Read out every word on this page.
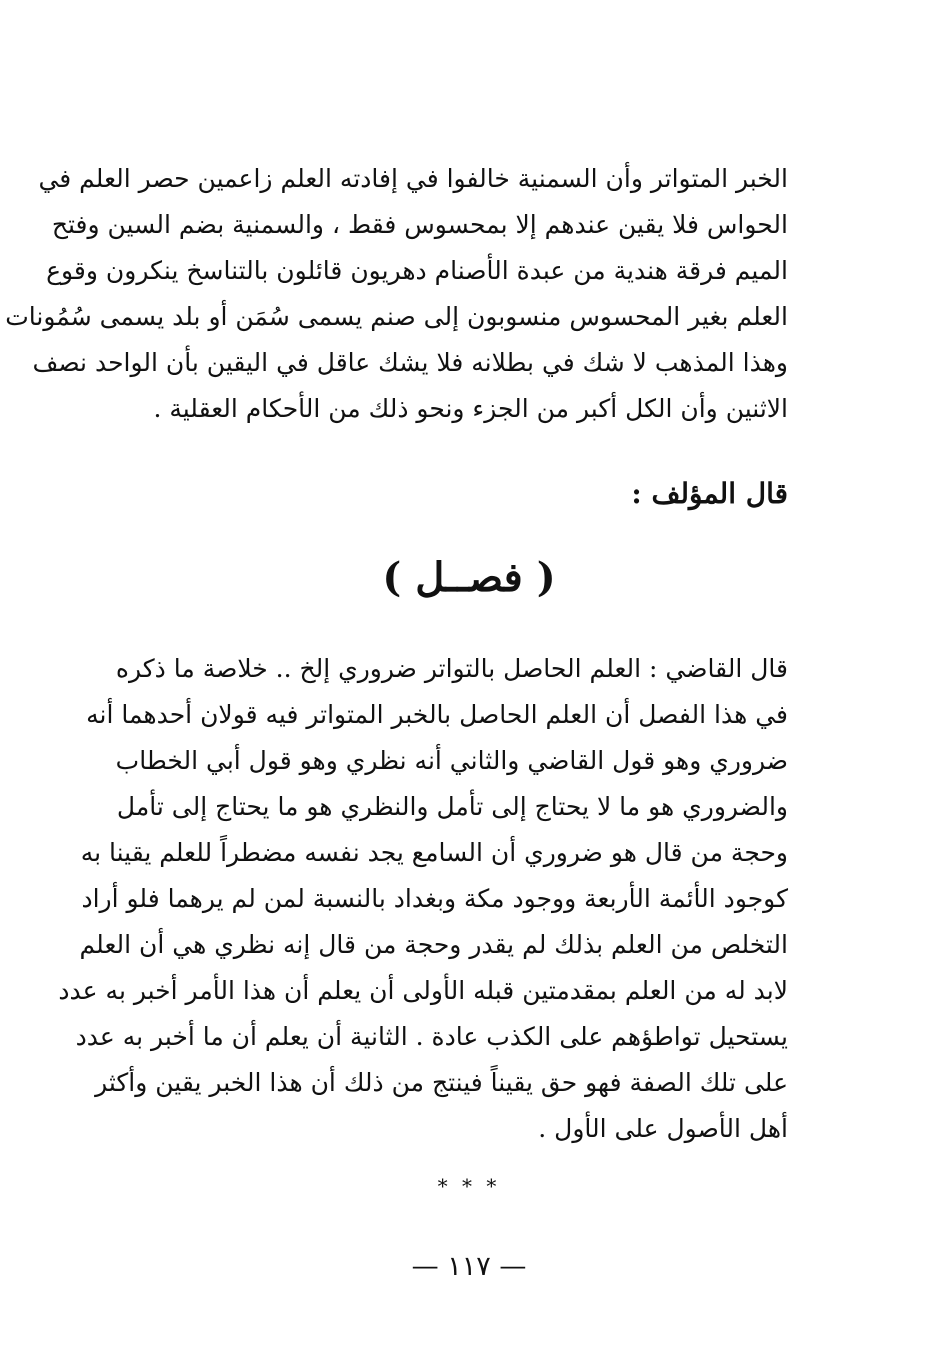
الخبر المتواتر وأن السمنية خالفوا في إفادته العلم زاعمين حصر العلم في
الحواس فلا يقين عندهم إلا بمحسوس فقط ، والسمنية بضم السين وفتح
الميم فرقة هندية من عبدة الأصنام دهريون قائلون بالتناسخ ينكرون وقوع
العلم بغير المحسوس منسوبون إلى صنم يسمى سُمَن أو بلد يسمى سُمُونات
وهذا المذهب لا شك في بطلانه فلا يشك عاقل في اليقين بأن الواحد نصف
الاثنين وأن الكل أكبر من الجزء ونحو ذلك من الأحكام العقلية .
قال المؤلف :
( فصــل )
قال القاضي : العلم الحاصل بالتواتر ضروري إلخ .. خلاصة ما ذكره
في هذا الفصل أن العلم الحاصل بالخبر المتواتر فيه قولان أحدهما أنه
ضروري وهو قول القاضي والثاني أنه نظري وهو قول أبي الخطاب
والضروري هو ما لا يحتاج إلى تأمل والنظري هو ما يحتاج إلى تأمل
وحجة من قال هو ضروري أن السامع يجد نفسه مضطراً للعلم يقينا به
كوجود الأئمة الأربعة ووجود مكة وبغداد بالنسبة لمن لم يرهما فلو أراد
التخلص من العلم بذلك لم يقدر وحجة من قال إنه نظري هي أن العلم
لابد له من العلم بمقدمتين قبله الأولى أن يعلم أن هذا الأمر أخبر به عدد
يستحيل تواطؤهم على الكذب عادة . الثانية أن يعلم أن ما أخبر به عدد
على تلك الصفة فهو حق يقيناً فينتج من ذلك أن هذا الخبر يقين وأكثر
أهل الأصول على الأول .
* * *
— ١١٧ —
